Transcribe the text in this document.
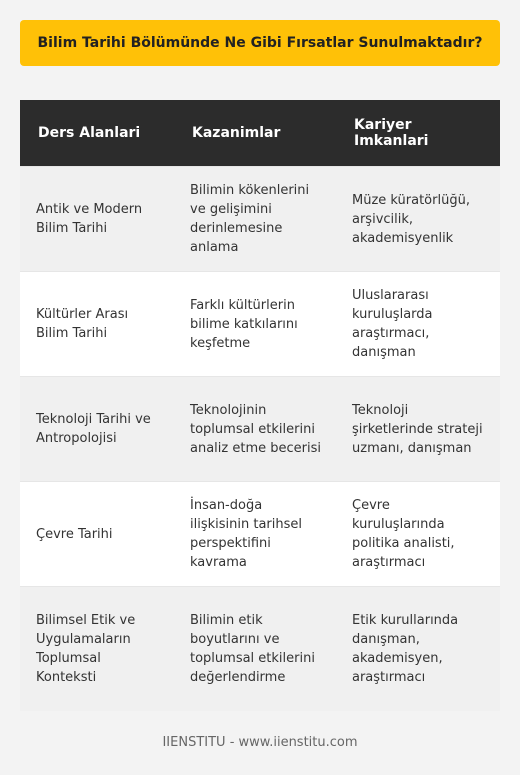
Bilim Tarihi Bölümünde Ne Gibi Fırsatlar Sunulmaktadır?
Ders Alanlari	Kazanimlar	Kariyer Imkanlari
Antik ve Modern Bilim Tarihi	Bilimin kökenlerini ve gelişimini derinlemesine anlama	Müze küratörlüğü, arşivcilik, akademisyenlik
Kültürler Arası Bilim Tarihi	Farklı kültürlerin bilime katkılarını keşfetme	Uluslararası kuruluşlarda araştırmacı, danışman
Teknoloji Tarihi ve Antropolojisi	Teknolojinin toplumsal etkilerini analiz etme becerisi	Teknoloji şirketlerinde strateji uzmanı, danışman
Çevre Tarihi	İnsan-doğa ilişkisinin tarihsel perspektifini kavrama	Çevre kuruluşlarında politika analisti, araştırmacı
Bilimsel Etik ve Uygulamaların Toplumsal Konteksti	Bilimin etik boyutlarını ve toplumsal etkilerini değerlendirme	Etik kurullarında danışman, akademisyen, araştırmacı
IIENSTITU - www.iienstitu.com
